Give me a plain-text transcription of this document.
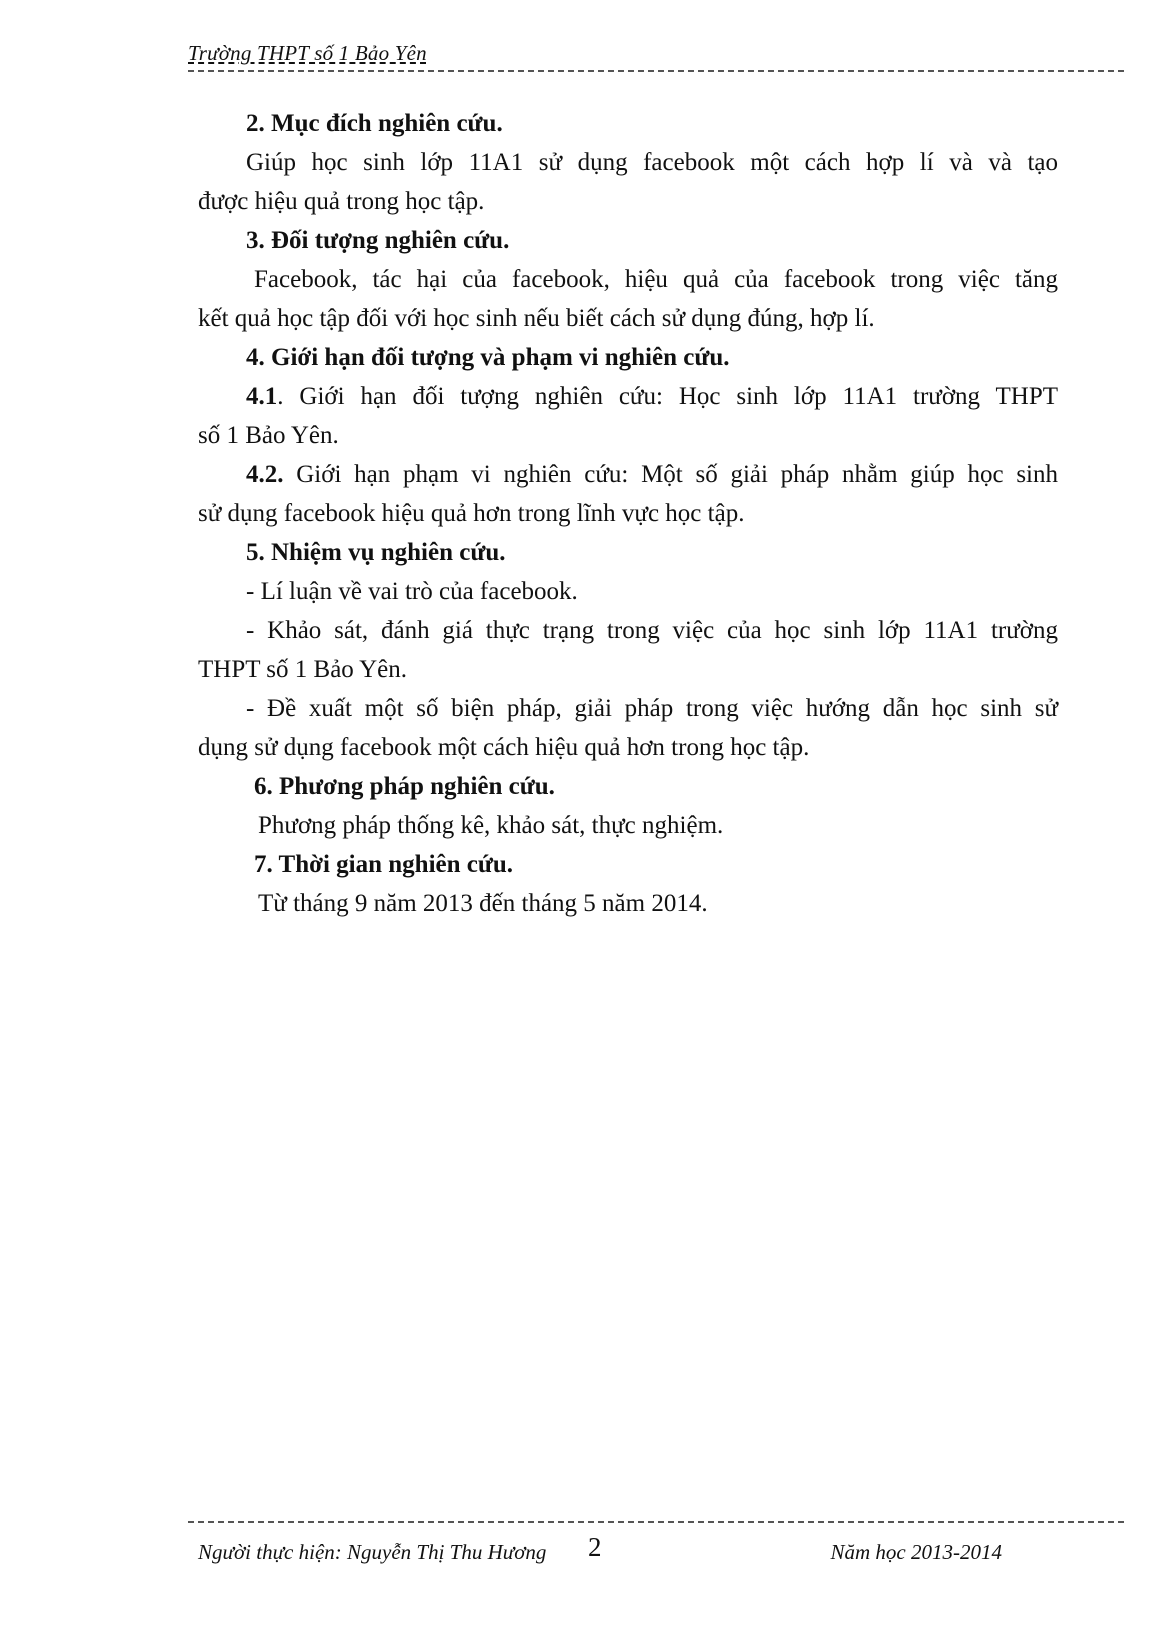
Trường THPT số 1 Bảo Yên
2. Mục đích nghiên cứu.
Giúp học sinh lớp 11A1 sử dụng facebook một cách hợp lí và và tạo
được hiệu quả trong học tập.
3. Đối tượng nghiên cứu.
Facebook, tác hại của facebook, hiệu quả của facebook trong việc tăng
kết quả học tập đối với học sinh nếu biết cách sử dụng đúng, hợp lí.
4. Giới hạn đối tượng và phạm vi nghiên cứu.
4.1. Giới hạn đối tượng nghiên cứu: Học sinh lớp 11A1 trường THPT
số 1 Bảo Yên.
4.2. Giới hạn phạm vi nghiên cứu: Một số giải pháp nhằm giúp học sinh
sử dụng facebook hiệu quả hơn trong lĩnh vực học tập.
5. Nhiệm vụ nghiên cứu.
- Lí luận về vai trò của facebook.
- Khảo sát, đánh giá thực trạng trong việc của học sinh lớp 11A1 trường
THPT số 1 Bảo Yên.
- Đề xuất một số biện pháp, giải pháp trong việc hướng dẫn học sinh sử
dụng sử dụng facebook một cách hiệu quả hơn trong học tập.
6. Phương pháp nghiên cứu.
Phương pháp thống kê, khảo sát, thực nghiệm.
7. Thời gian nghiên cứu.
Từ tháng 9 năm 2013 đến tháng 5 năm 2014.
Người thực hiện: Nguyễn Thị Thu Hương 2	Năm học 2013-2014
